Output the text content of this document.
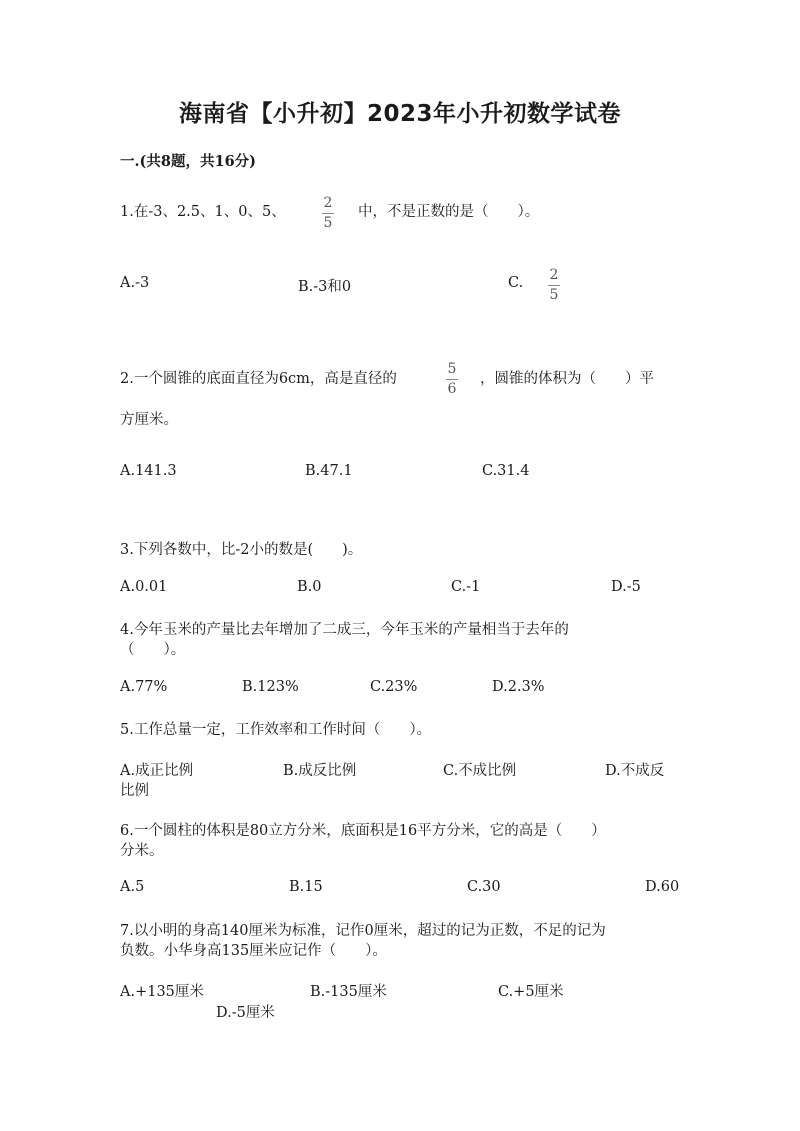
海南省【小升初】2023年小升初数学试卷
一.(共8题，共16分)
1.在-3、2.5、1、0、5、
2
5
中，不是正数的是（　　）。
A.-3	B.-3和0	C. 2
5
2.一个圆锥的底面直径为6cm，高是直径的
5
6
，圆锥的体积为（　　）平
方厘米。
A.141.3	B.47.1	C.31.4
3.下列各数中，比-2小的数是(　　)。
A.0.01	B.0	C.-1	D.-5
4.今年玉米的产量比去年增加了二成三，今年玉米的产量相当于去年的
（　　）。
A.77%	B.123%	C.23%	D.2.3%
5.工作总量一定，工作效率和工作时间（　　）。
A.成正比例	B.成反比例	C.不成比例	D.不成反
比例
6.一个圆柱的体积是80立方分米，底面积是16平方分米，它的高是（　　）
分米。
A.5	B.15	C.30	D.60
7.以小明的身高140厘米为标准，记作0厘米，超过的记为正数，不足的记为
负数。小华身高135厘米应记作（　　）。
A.+135厘米	B.-135厘米	C.+5厘米
D.-5厘米
